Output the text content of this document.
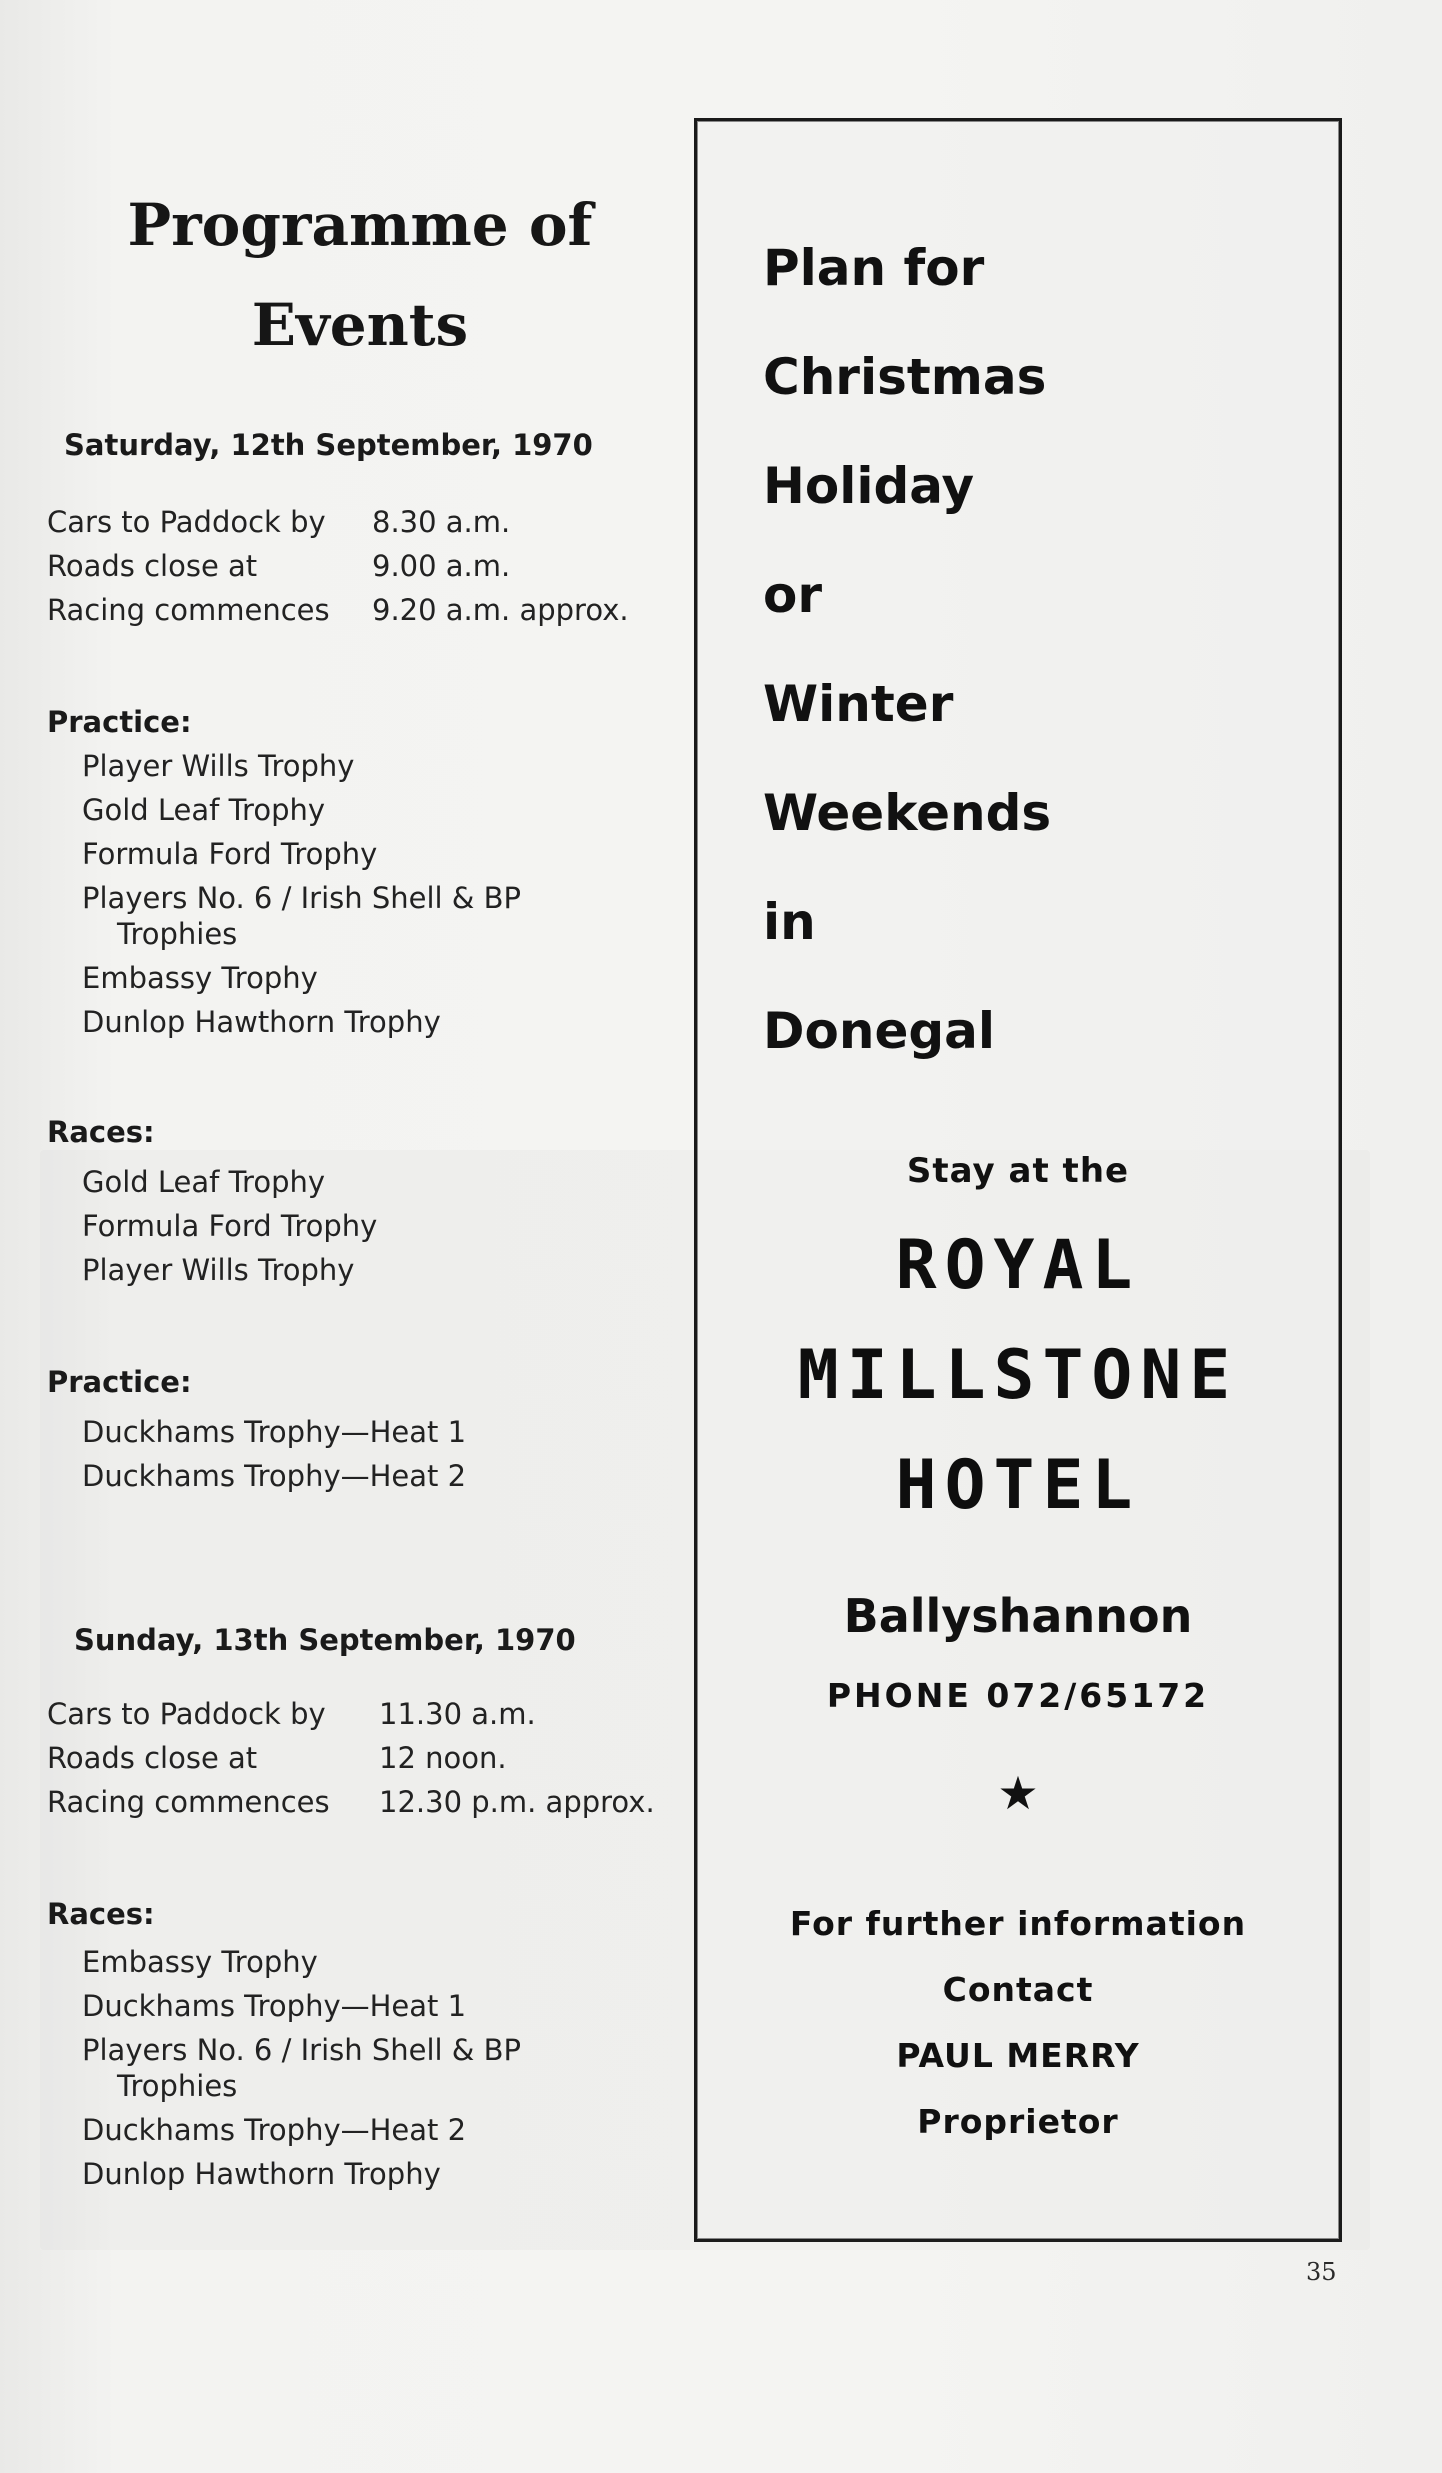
Programme of
Events
Saturday, 12th September, 1970
Cars to Paddock by	8.30 a.m.
Roads close at	9.00 a.m.
Racing commences	9.20 a.m. approx.
Practice:
Player Wills Trophy
Gold Leaf Trophy
Formula Ford Trophy
Players No. 6 / Irish Shell & BP
Trophies
Embassy Trophy
Dunlop Hawthorn Trophy
Races:
Gold Leaf Trophy
Formula Ford Trophy
Player Wills Trophy
Practice:
Duckhams Trophy—Heat 1
Duckhams Trophy—Heat 2
Sunday, 13th September, 1970
Cars to Paddock by	11.30 a.m.
Roads close at	12 noon.
Racing commences	12.30 p.m. approx.
Races:
Embassy Trophy
Duckhams Trophy—Heat 1
Players No. 6 / Irish Shell & BP
Trophies
Duckhams Trophy—Heat 2
Dunlop Hawthorn Trophy
Plan for
Christmas
Holiday
or
Winter
Weekends
in
Donegal
Stay at the
ROYAL
MILLSTONE
HOTEL
Ballyshannon
PHONE 072/65172
★
For further information
Contact
PAUL MERRY
Proprietor
35
